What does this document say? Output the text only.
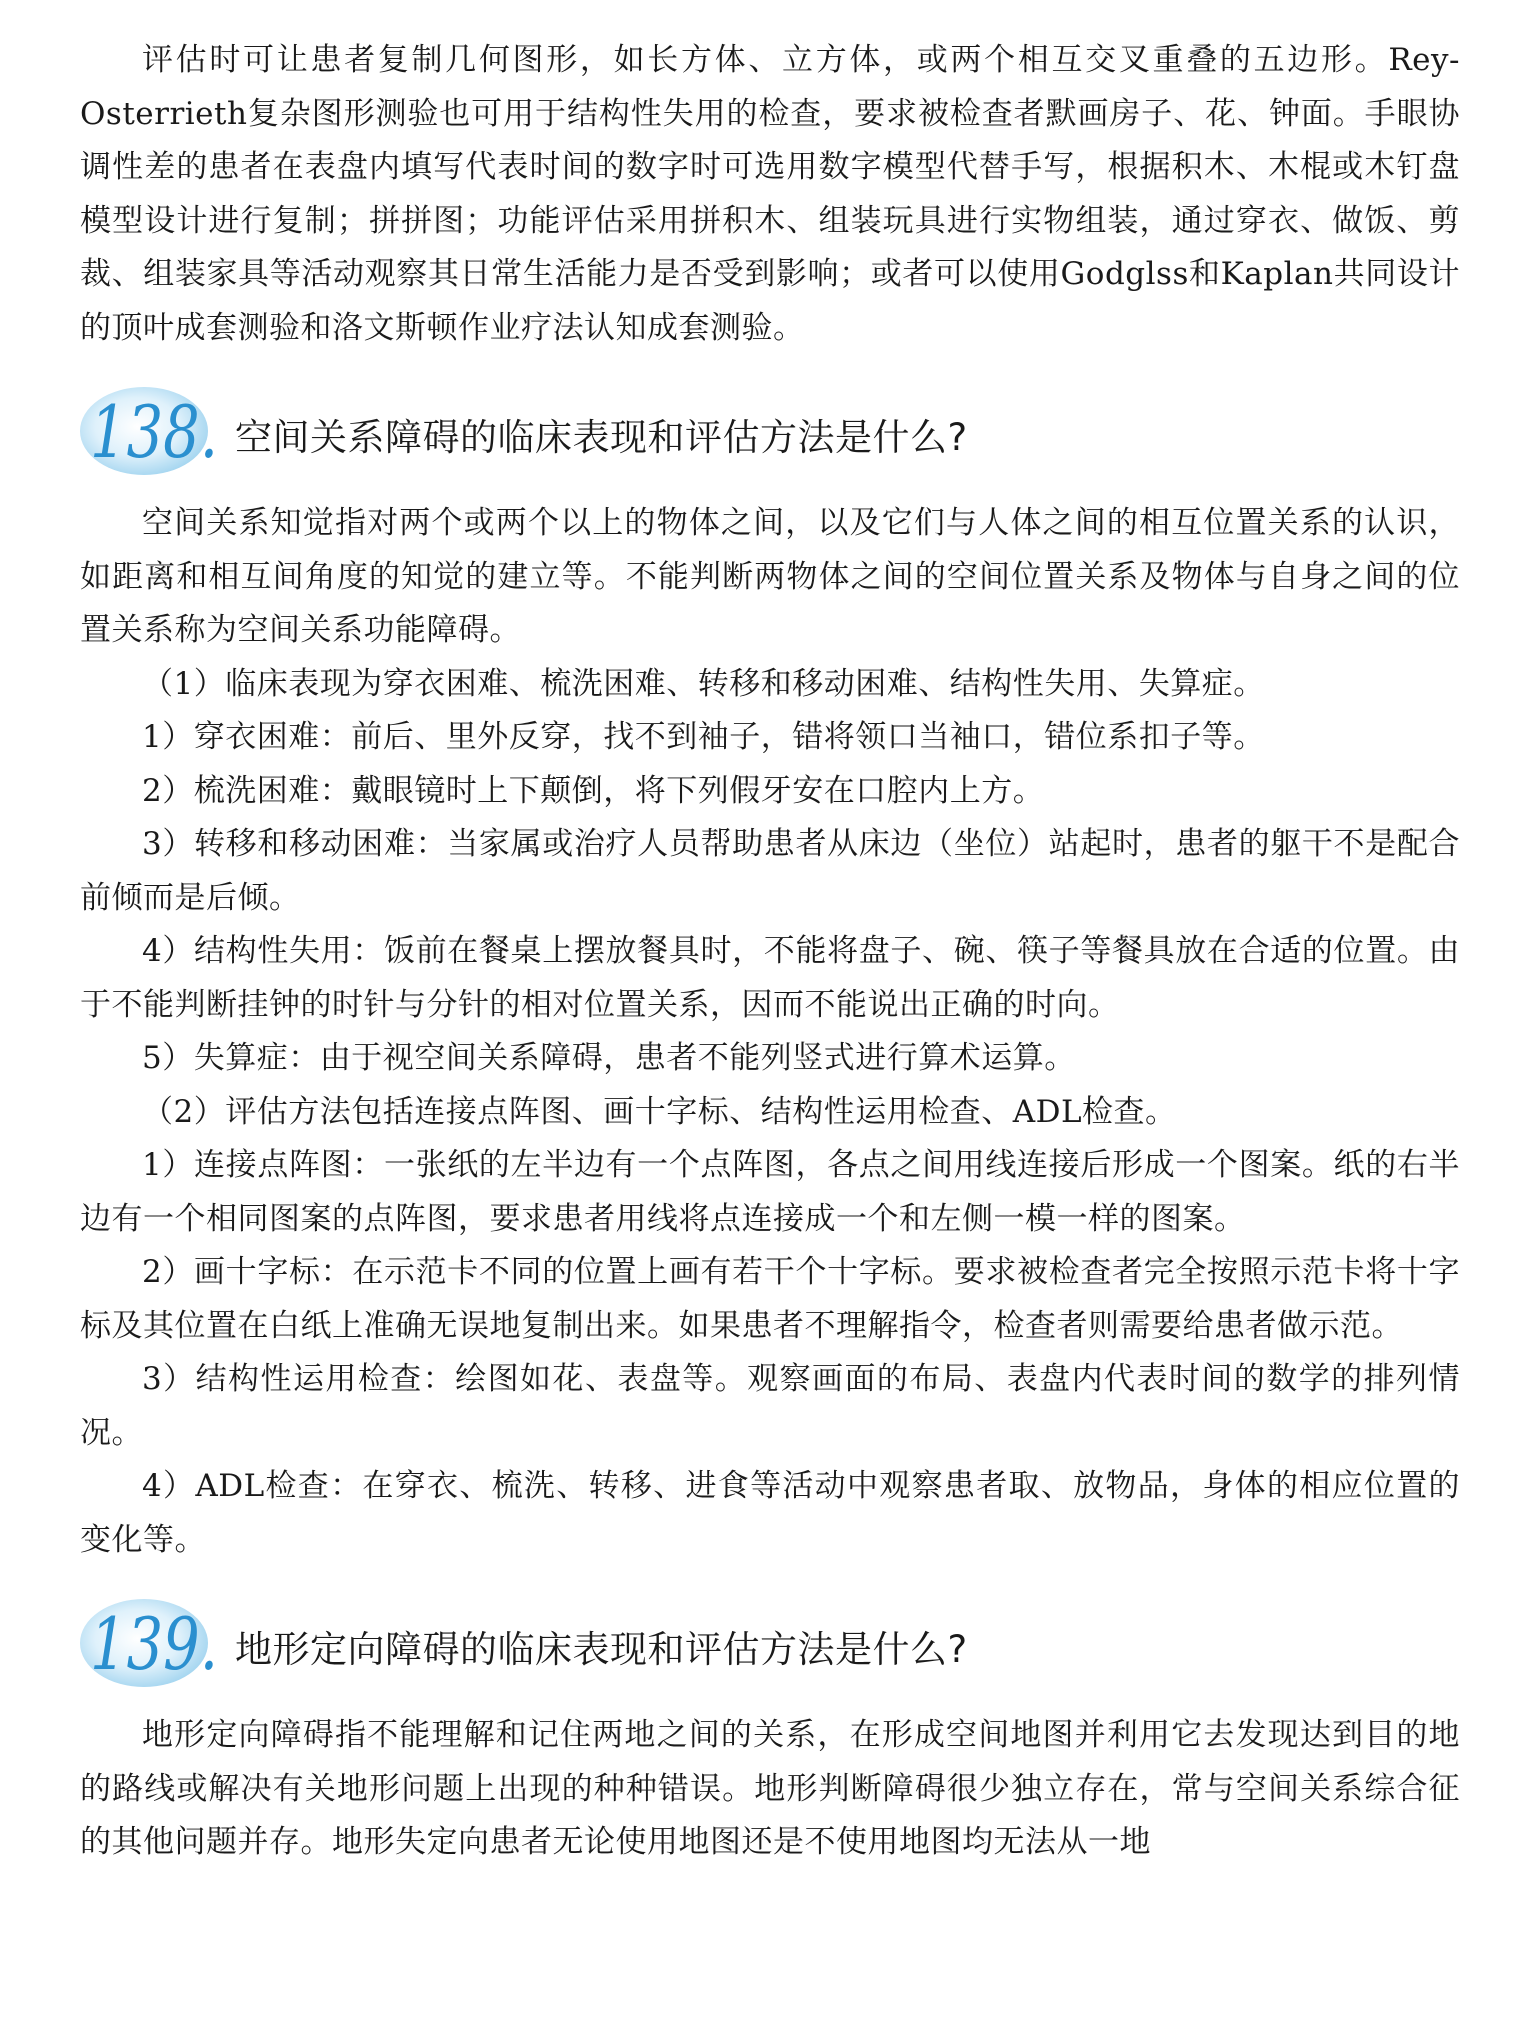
评估时可让患者复制几何图形，如长方体、立方体，或两个相互交叉重叠的五边形。Rey-Osterrieth复杂图形测验也可用于结构性失用的检查，要求被检查者默画房子、花、钟面。手眼协调性差的患者在表盘内填写代表时间的数字时可选用数字模型代替手写，根据积木、木棍或木钉盘模型设计进行复制；拼拼图；功能评估采用拼积木、组装玩具进行实物组装，通过穿衣、做饭、剪裁、组装家具等活动观察其日常生活能力是否受到影响；或者可以使用Godglss和Kaplan共同设计的顶叶成套测验和洛文斯顿作业疗法认知成套测验。

138. 空间关系障碍的临床表现和评估方法是什么?

空间关系知觉指对两个或两个以上的物体之间，以及它们与人体之间的相互位置关系的认识，如距离和相互间角度的知觉的建立等。不能判断两物体之间的空间位置关系及物体与自身之间的位置关系称为空间关系功能障碍。

（1）临床表现为穿衣困难、梳洗困难、转移和移动困难、结构性失用、失算症。

1）穿衣困难：前后、里外反穿，找不到袖子，错将领口当袖口，错位系扣子等。

2）梳洗困难：戴眼镜时上下颠倒，将下列假牙安在口腔内上方。

3）转移和移动困难：当家属或治疗人员帮助患者从床边（坐位）站起时，患者的躯干不是配合前倾而是后倾。

4）结构性失用：饭前在餐桌上摆放餐具时，不能将盘子、碗、筷子等餐具放在合适的位置。由于不能判断挂钟的时针与分针的相对位置关系，因而不能说出正确的时向。

5）失算症：由于视空间关系障碍，患者不能列竖式进行算术运算。

（2）评估方法包括连接点阵图、画十字标、结构性运用检查、ADL检查。

1）连接点阵图：一张纸的左半边有一个点阵图，各点之间用线连接后形成一个图案。纸的右半边有一个相同图案的点阵图，要求患者用线将点连接成一个和左侧一模一样的图案。

2）画十字标：在示范卡不同的位置上画有若干个十字标。要求被检查者完全按照示范卡将十字标及其位置在白纸上准确无误地复制出来。如果患者不理解指令，检查者则需要给患者做示范。

3）结构性运用检查：绘图如花、表盘等。观察画面的布局、表盘内代表时间的数学的排列情况。

4）ADL检查：在穿衣、梳洗、转移、进食等活动中观察患者取、放物品，身体的相应位置的变化等。

139. 地形定向障碍的临床表现和评估方法是什么?

地形定向障碍指不能理解和记住两地之间的关系，在形成空间地图并利用它去发现达到目的地的路线或解决有关地形问题上出现的种种错误。地形判断障碍很少独立存在，常与空间关系综合征的其他问题并存。地形失定向患者无论使用地图还是不使用地图均无法从一地
